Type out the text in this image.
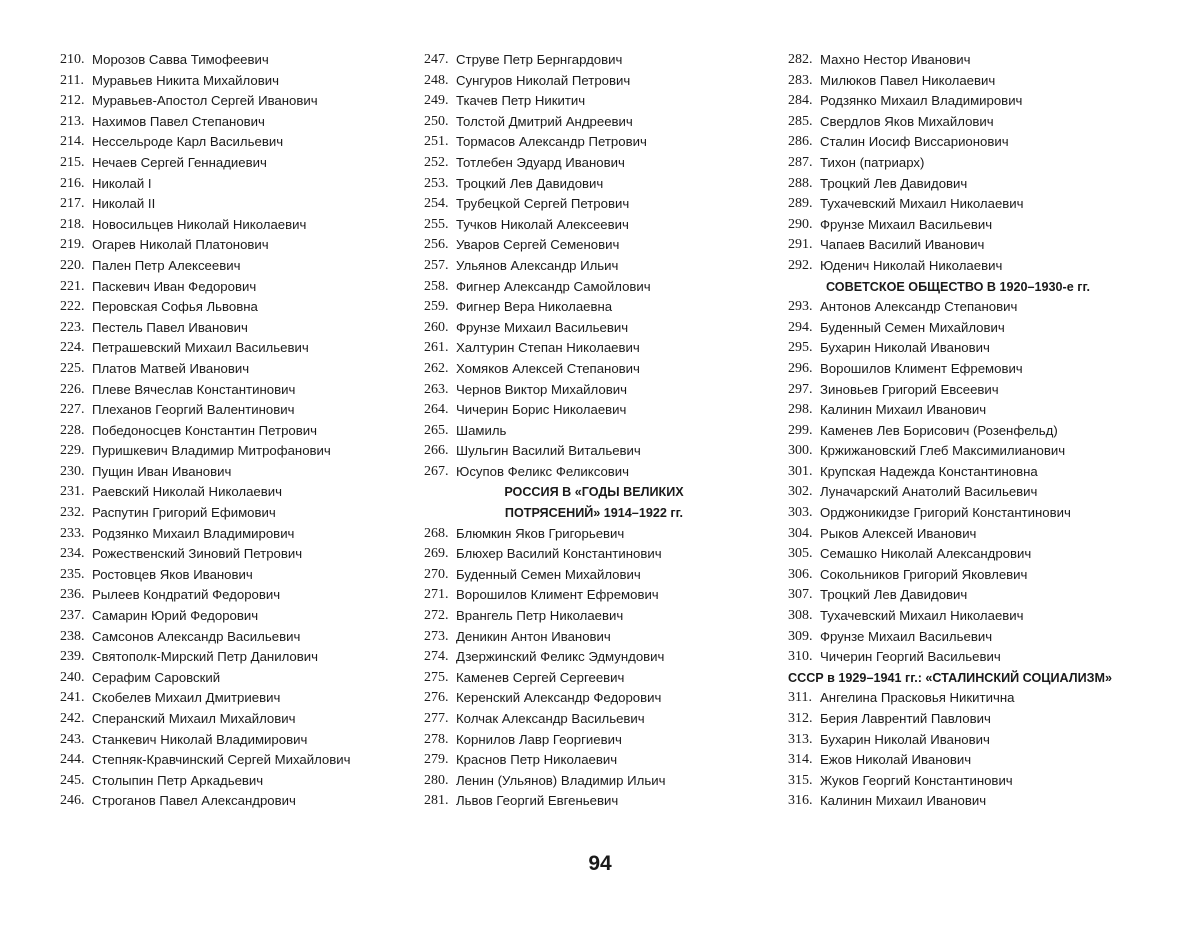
210. Морозов Савва Тимофеевич
211. Муравьев Никита Михайлович
212. Муравьев-Апостол Сергей Иванович
213. Нахимов Павел Степанович
214. Нессельроде Карл Васильевич
215. Нечаев Сергей Геннадиевич
216. Николай I
217. Николай II
218. Новосильцев Николай Николаевич
219. Огарев Николай Платонович
220. Пален Петр Алексеевич
221. Паскевич Иван Федорович
222. Перовская Софья Львовна
223. Пестель Павел Иванович
224. Петрашевский Михаил Васильевич
225. Платов Матвей Иванович
226. Плеве Вячеслав Константинович
227. Плеханов Георгий Валентинович
228. Победоносцев Константин Петрович
229. Пуришкевич Владимир Митрофанович
230. Пущин Иван Иванович
231. Раевский Николай Николаевич
232. Распутин Григорий Ефимович
233. Родзянко Михаил Владимирович
234. Рожественский Зиновий Петрович
235. Ростовцев Яков Иванович
236. Рылеев Кондратий Федорович
237. Самарин Юрий Федорович
238. Самсонов Александр Васильевич
239. Святополк-Мирский Петр Данилович
240. Серафим Саровский
241. Скобелев Михаил Дмитриевич
242. Сперанский Михаил Михайлович
243. Станкевич Николай Владимирович
244. Степняк-Кравчинский Сергей Михайлович
245. Столыпин Петр Аркадьевич
246. Строганов Павел Александрович
247. Струве Петр Бернгардович
248. Сунгуров Николай Петрович
249. Ткачев Петр Никитич
250. Толстой Дмитрий Андреевич
251. Тормасов Александр Петрович
252. Тотлебен Эдуард Иванович
253. Троцкий Лев Давидович
254. Трубецкой Сергей Петрович
255. Тучков Николай Алексеевич
256. Уваров Сергей Семенович
257. Ульянов Александр Ильич
258. Фигнер Александр Самойлович
259. Фигнер Вера Николаевна
260. Фрунзе Михаил Васильевич
261. Халтурин Степан Николаевич
262. Хомяков Алексей Степанович
263. Чернов Виктор Михайлович
264. Чичерин Борис Николаевич
265. Шамиль
266. Шульгин Василий Витальевич
267. Юсупов Феликс Феликсович
РОССИЯ В «ГОДЫ ВЕЛИКИХ
ПОТРЯСЕНИЙ» 1914–1922 гг.
268. Блюмкин Яков Григорьевич
269. Блюхер Василий Константинович
270. Буденный Семен Михайлович
271. Ворошилов Климент Ефремович
272. Врангель Петр Николаевич
273. Деникин Антон Иванович
274. Дзержинский Феликс Эдмундович
275. Каменев Сергей Сергеевич
276. Керенский Александр Федорович
277. Колчак Александр Васильевич
278. Корнилов Лавр Георгиевич
279. Краснов Петр Николаевич
280. Ленин (Ульянов) Владимир Ильич
281. Львов Георгий Евгеньевич
282. Махно Нестор Иванович
283. Милюков Павел Николаевич
284. Родзянко Михаил Владимирович
285. Свердлов Яков Михайлович
286. Сталин Иосиф Виссарионович
287. Тихон (патриарх)
288. Троцкий Лев Давидович
289. Тухачевский Михаил Николаевич
290. Фрунзе Михаил Васильевич
291. Чапаев Василий Иванович
292. Юденич Николай Николаевич
СОВЕТСКОЕ ОБЩЕСТВО В 1920–1930-е гг.
293. Антонов Александр Степанович
294. Буденный Семен Михайлович
295. Бухарин Николай Иванович
296. Ворошилов Климент Ефремович
297. Зиновьев Григорий Евсеевич
298. Калинин Михаил Иванович
299. Каменев Лев Борисович (Розенфельд)
300. Кржижановский Глеб Максимилианович
301. Крупская Надежда Константиновна
302. Луначарский Анатолий Васильевич
303. Орджоникидзе Григорий Константинович
304. Рыков Алексей Иванович
305. Семашко Николай Александрович
306. Сокольников Григорий Яковлевич
307. Троцкий Лев Давидович
308. Тухачевский Михаил Николаевич
309. Фрунзе Михаил Васильевич
310. Чичерин Георгий Васильевич
СССР в 1929–1941 гг.: «СТАЛИНСКИЙ СОЦИАЛИЗМ»
311. Ангелина Прасковья Никитична
312. Берия Лаврентий Павлович
313. Бухарин Николай Иванович
314. Ежов Николай Иванович
315. Жуков Георгий Константинович
316. Калинин Михаил Иванович
94
